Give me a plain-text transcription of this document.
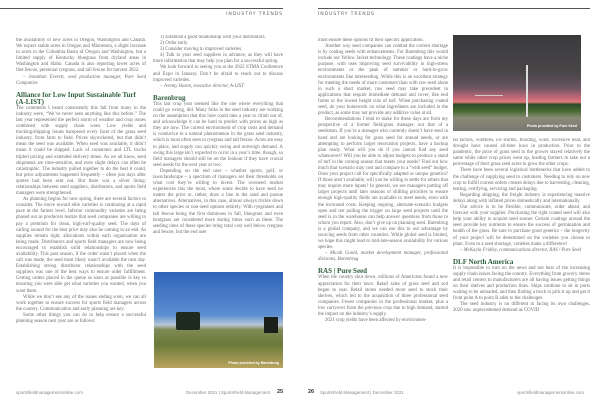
INDUSTRY TRENDS	INDUSTRY TRENDS

the availability of new acres in Oregon, Washington and Canada. We expect stable acres in Oregon and Minnesota, a slight increase in acres in the Columbia Basin of Oregon and Washington, but a limited supply of Kentucky bluegrass from dryland areas in Washington and Idaho. Canada is also reporting lower acres of fine fescue, perennial ryegrass, and tall fescue for harvest 2022.

– Jonathan Everett, seed production manager, Pure Seed Companies

Alliance for Low Input Sustainable Turf (A-LIST)

The comments I heard consistently this fall from many in the industry were, “We’ve never seen anything like this before.” The last year represented the perfect storm of weather and crop issues combined with supply chain woes. Low yields and trucking/shipping issues hampered every facet of the grass seed industry, from farm to field. Prices skyrocketed, but that didn’t mean the seed was available. When seed was available, it didn’t mean it could be shipped. Lack of containers and LTL trucks tripled pricing and extended delivery times. As we all know, seed shipments are time-sensitive, and even slight delays can often be catastrophic. The industry pulled together to do the best it could, but price adjustments happened frequently – often just days after quotes had been sent out. But there was a silver lining: relationships between seed suppliers, distributors, and sports field managers were strengthened.

As planning begins for next spring, there are several factors to consider. The move toward elite varieties is continuing at a rapid pace at the farmer level. Inferior commodity varieties are being phased out as producers realize that seed companies are willing to pay a premium for clean, high-turf-quality seed. The days of calling around for the best price may also be coming to an end. As supplies remain tight, allocations within each organization are being made. Distributors and sports field managers are now being encouraged to establish solid relationships to ensure seed availability. This past season, if the order wasn’t placed when the call was made, the seed most likely wasn’t available the next day. Establishing strong distributor relationships with the seed suppliers was one of the best ways to ensure order fulfillment. Getting orders placed in the queue as soon as possible is key to ensuring you were able get what varieties you wanted, when you want them.

While we don’t see any of the issues ending soon, we can all work together to ensure success for sports field managers across the country. Communication and early planning are key.

Some other things you can do to help ensure a successful planning season next year are as follows:

1) Establish a good relationship with your distributors.

2) Order early.

3) Consider moving to improved varieties.

4) Talk to your seed suppliers in advance, as they will have more information that may help you plan for a successful spring.

We look forward to seeing you at the 2022 STMA Conference and Expo in January. Don’t be afraid to reach out to discuss improved varieties.

– Jeremy Hazen, executive director, A-LIST

Barenbrug

This last crop year seemed like the one where everything that could go wrong, did. Many folks in the seed industry are working on the assumption that this hole could take a year to climb out of, and acknowledge it can be hard to predict with prices as high as they are now. The current environment of crop costs and demand is conducive to a natural phenomenon in the grass seed industry, which is most often seen in ryegrass and tall fescue. Acres are easy to place, and supply can quickly swing and outweigh demand. A swing this large isn’t expected to occur in a year’s time, though, so field managers should still be on the lookout if they have crucial seed needs for the next year or two.

Depending on the end user – whether sports, golf, or lawn/landscape – a spectrum of managers set their thresholds on what cost they’re willing to invest. The overseed market experiences this the most, where some decide to have seed no matter the price or, rather, draw a line in the sand and pursue alternatives. Alternatives, in this case, almost always trickle down to other species or non-seed options entirely. With ryegrasses and tall fescue being the first dominoes to fall, bluegrass and even bentgrass are considered more during times such as these. The seeding rates of these species bring total cost well below ryegrass and fescue, but the end user

Photo provided by Barenbrug

must ensure these options fit their specific application.

Another way seed companies can combat the current shortage is by coating seeds with enhancements. For Barenbrug this would include our Yellow Jacket technology. These coatings have a niche purpose, with uses improving seed survivability in high-stress environments or the peak of summer or hard-to-grow environments like interseeding. While this is an excellent strategy for meeting the needs of more customers than with raw seed alone in such a short market, raw seed may take precedent in applications that require immediate demand and cover, like end farms or the lowest height cuts of turf. When purchasing coated seed, do your homework on what ingredients are included in the product, as some may not provide any additive value at all.

Recommendations I tend to make for these days are from my perspective of a former field/grass manager, not that of a seedsman. If you’re a manager who currently doesn’t have seed in hand and are looking for grass seed for annual needs, or are attempting to perform larger renovation projects, have a backup plan ready. What will you do if you cannot find any seed whatsoever? Will you be able to adjust budgets to produce a stand of turf in the coming season that meets your needs? Find out how much that scenario may cost and compare to a “with seed” budget. Does your project call for specifically adapted or unique genetics? If those aren’t available, will you be willing to settle for others that may require more inputs? In general, we see managers putting off larger projects until later seasons or shifting priorities to ensure enough high-quality fields are available to meet needs, even with the increased costs. Keeping ongoing, alternate-scenario budgets open and not pulling the trigger on large seed projects until the seed is in the warehouse can help answer questions from those to whom you report. Also, don’t give up on planning seed. Barenbrug is a global company, and we can use this to our advantage by sourcing seeds from other countries. While global seed is limited, we hope this might lead to mid-late-season availability for various species.

– Micah Gould, market development manager, professional divisions, Barenbrug

RAS | Pure Seed

When the country shut down, millions of Americans found a new appreciation for their lawn. Retail sales of grass seed and sod began to soar. Retail stores needed more seed to stock their shelves, which led to the acquisition of three professional seed companies. Fewer companies in the professional market, plus a low carryover from the previous crop due to high demand, started the impact on the industry’s supply.

2021 crop yields have been affected by environmen-

Photo provided by Pure Seed

tal factors, wildfires, ice storms, flooding, wind, excessive heat, and drought have caused all-time lows in production. Prior to the pandemic, the price of grass seed to the grower stayed relatively the same while other crop prices went up, leading farmers to take out a percentage of their grass seed acres to grow the other crops.

There have been several logistical bottlenecks that have added to the challenge of supplying seed to customers. Needing to rely on new crop to fulfill current orders creates delays due to harvesting, cleaning, testing, certifying, servicing and packaging.

Regarding shipping, the freight industry is experiencing massive delays along with inflated prices domestically and internationally.

Our advice is to be flexible, communicate, order ahead, and forecast with your supplier. Purchasing the right coated seed will also help your ability to acquire seed sooner. Certain coatings around the seed provide key nutrients to ensure the success of germination and health of the grass. Be sure to purchase good genetics – the longevity of your project will be determined on the varieties you choose to plant. Even in a seed shortage, varieties make a difference!

– McKayla Fridley, communications director, RAS / Pure Seed

DLF North America

It is impossible to turn on the news and not hear of the increasing supply chain issues facing the country. Everything from grocery stores and retail centers to manufacturers are all having issues getting things on their shelves and production lines. Ships continue to sit in ports waiting to be unloaded, and then finding a truck to pick it up and get it from point A to point B adds to the challenges.

The seed industry is no different in facing its own challenges. 2020 saw unprecedented demand as COVID

sportsfieldmanagementonline.com	December 2021 | SportsField Management 25	26 SportsField Management | December 2021	sportsfieldmanagementonline.com
